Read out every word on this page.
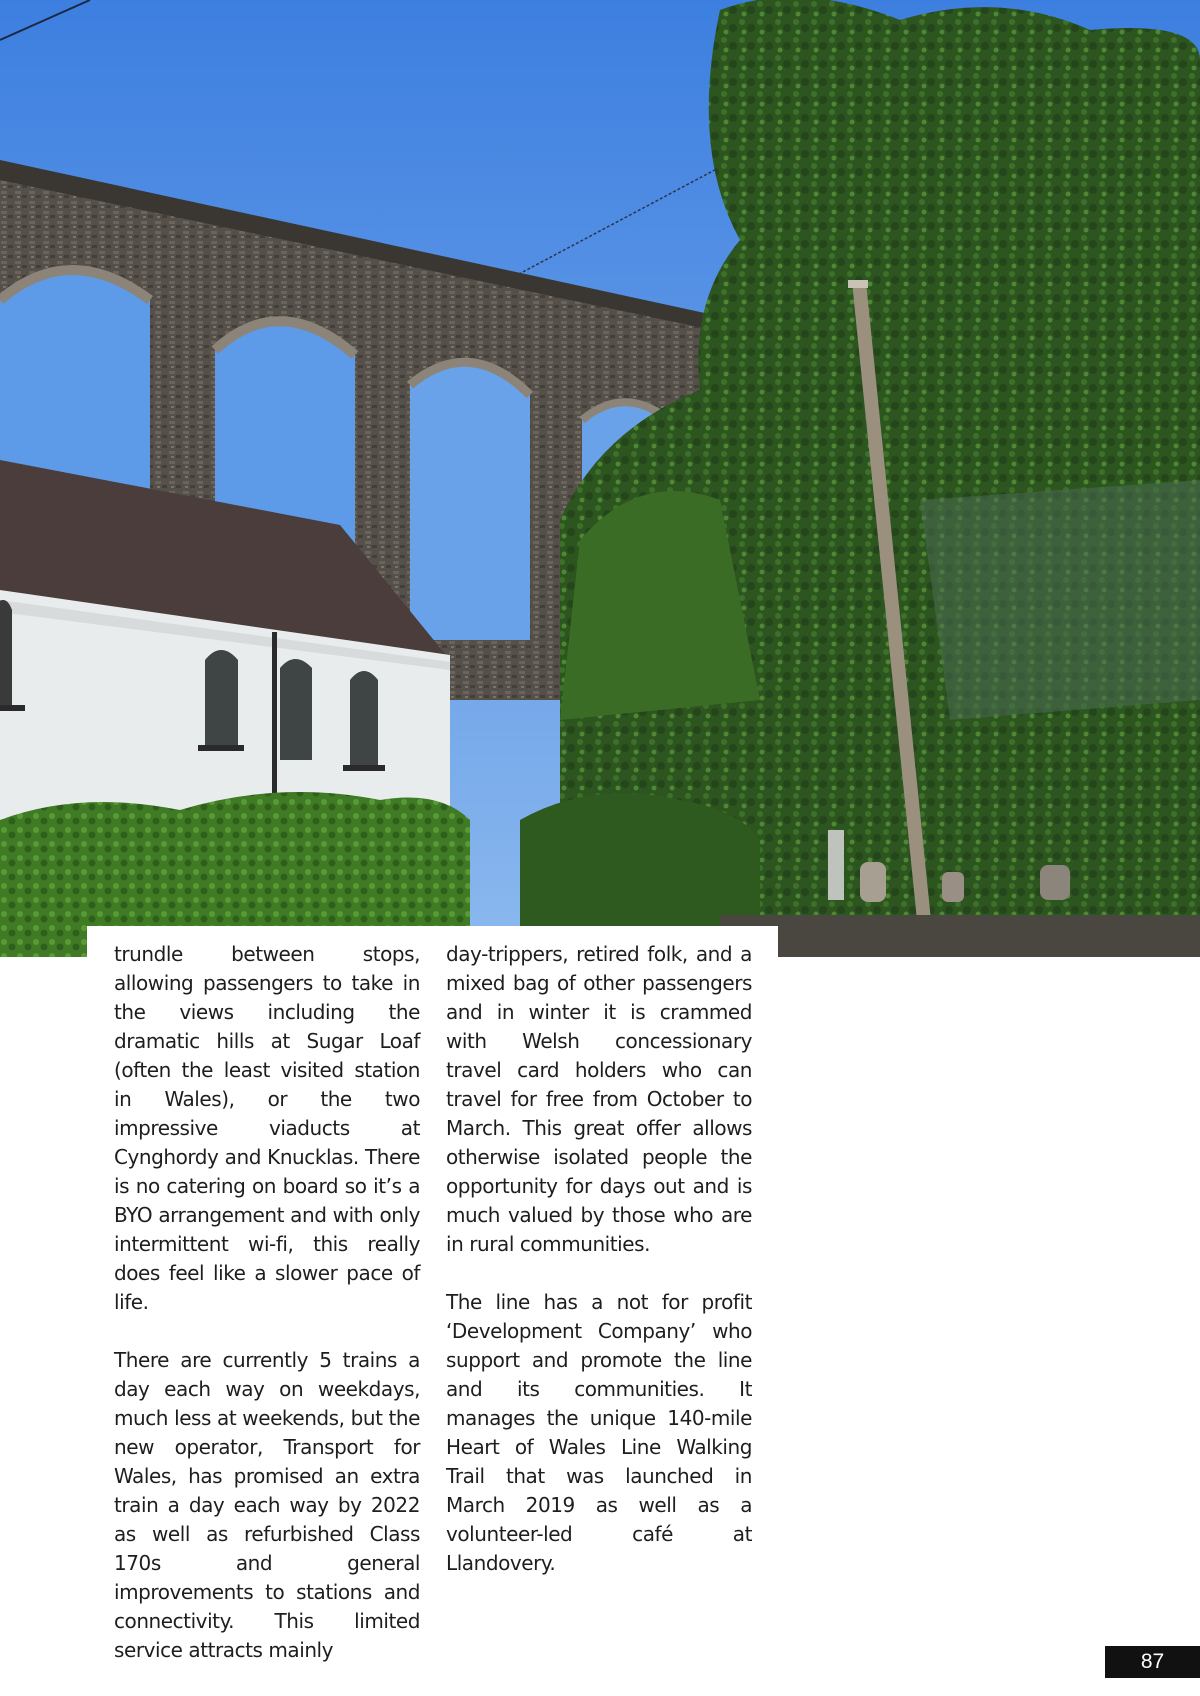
trundle between stops, allowing passengers to take in the views including the dramatic hills at Sugar Loaf (often the least visited station in Wales), or the two impressive viaducts at Cynghordy and Knucklas. There is no catering on board so it’s a BYO arrangement and with only intermittent wi-fi, this really does feel like a slower pace of life.

There are currently 5 trains a day each way on weekdays, much less at weekends, but the new operator, Transport for Wales, has promised an extra train a day each way by 2022 as well as refurbished Class 170s and general improvements to stations and connectivity. This limited service attracts mainly

day-trippers, retired folk, and a mixed bag of other passengers and in winter it is crammed with Welsh concessionary travel card holders who can travel for free from October to March. This great offer allows otherwise isolated people the opportunity for days out and is much valued by those who are in rural communities.

The line has a not for profit ‘Development Company’ who support and promote the line and its communities. It manages the unique 140-mile Heart of Wales Line Walking Trail that was launched in March 2019 as well as a volunteer-led café at Llandovery.

87
